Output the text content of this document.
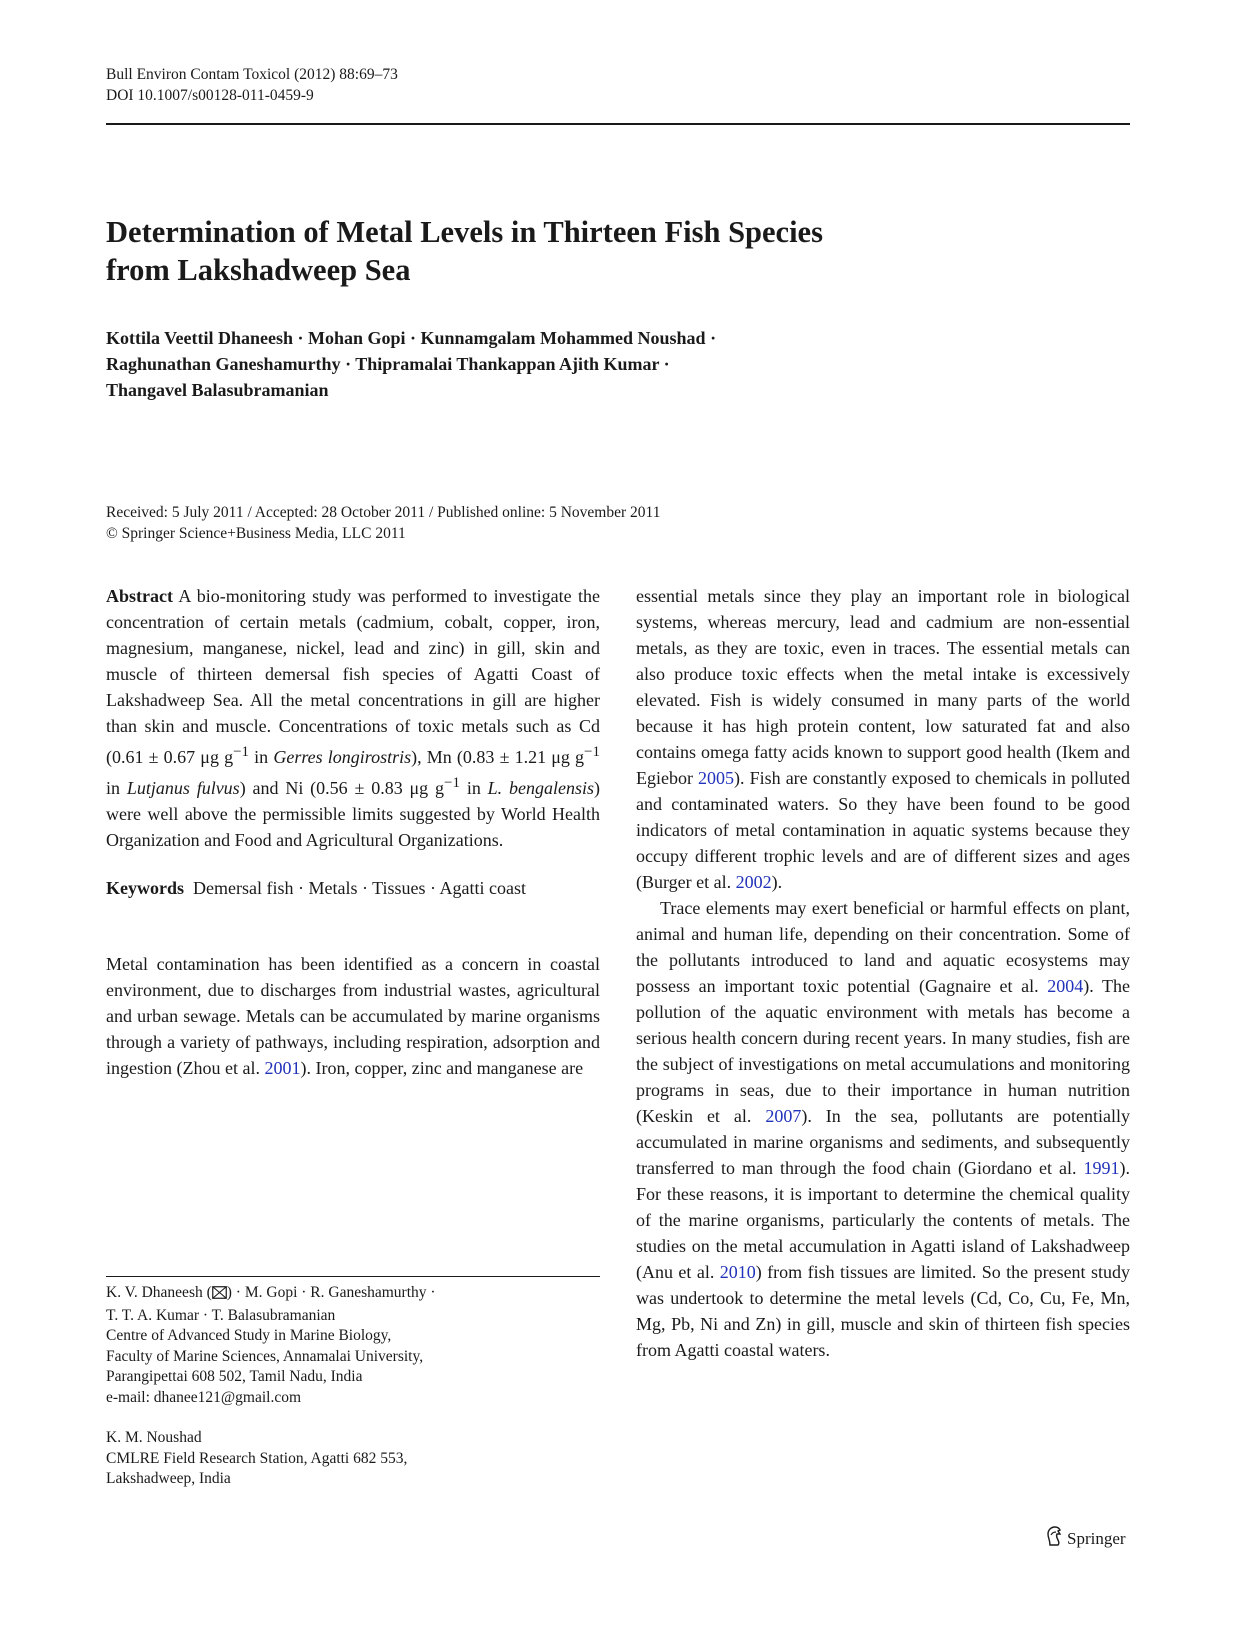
Bull Environ Contam Toxicol (2012) 88:69–73
DOI 10.1007/s00128-011-0459-9
Determination of Metal Levels in Thirteen Fish Species
from Lakshadweep Sea
Kottila Veettil Dhaneesh · Mohan Gopi · Kunnamgalam Mohammed Noushad ·
Raghunathan Ganeshamurthy · Thipramalai Thankappan Ajith Kumar ·
Thangavel Balasubramanian
Received: 5 July 2011 / Accepted: 28 October 2011 / Published online: 5 November 2011
© Springer Science+Business Media, LLC 2011

Abstract A bio-monitoring study was performed to investigate the concentration of certain metals (cadmium, cobalt, copper, iron, magnesium, manganese, nickel, lead and zinc) in gill, skin and muscle of thirteen demersal fish species of Agatti Coast of Lakshadweep Sea. All the metal concentrations in gill are higher than skin and muscle. Concentrations of toxic metals such as Cd (0.61 ± 0.67 μg $g^{-1}$ in Gerres longirostris), Mn (0.83 ± 1.21 μg $g^{-1}$ in Lutjanus fulvus) and Ni (0.56 ± 0.83 μg $g^{-1}$ in L. bengalensis) were well above the permissible limits suggested by World Health Organization and Food and Agricultural Organizations.

Keywords  Demersal fish · Metals · Tissues · Agatti coast

Metal contamination has been identified as a concern in coastal environment, due to discharges from industrial wastes, agricultural and urban sewage. Metals can be accumulated by marine organisms through a variety of pathways, including respiration, adsorption and ingestion (Zhou et al. 2001). Iron, copper, zinc and manganese are

K. V. Dhaneesh ( ) · M. Gopi · R. Ganeshamurthy ·

T. T. A. Kumar · T. Balasubramanian

Centre of Advanced Study in Marine Biology,

Faculty of Marine Sciences, Annamalai University,

Parangipettai 608 502, Tamil Nadu, India

e-mail: dhanee121@gmail.com

K. M. Noushad

CMLRE Field Research Station, Agatti 682 553,

Lakshadweep, India

essential metals since they play an important role in biological systems, whereas mercury, lead and cadmium are non-essential metals, as they are toxic, even in traces. The essential metals can also produce toxic effects when the metal intake is excessively elevated. Fish is widely consumed in many parts of the world because it has high protein content, low saturated fat and also contains omega fatty acids known to support good health (Ikem and Egiebor 2005). Fish are constantly exposed to chemicals in polluted and contaminated waters. So they have been found to be good indicators of metal contamination in aquatic systems because they occupy different trophic levels and are of different sizes and ages (Burger et al. 2002).

Trace elements may exert beneficial or harmful effects on plant, animal and human life, depending on their concentration. Some of the pollutants introduced to land and aquatic ecosystems may possess an important toxic potential (Gagnaire et al. 2004). The pollution of the aquatic environment with metals has become a serious health concern during recent years. In many studies, fish are the subject of investigations on metal accumulations and monitoring programs in seas, due to their importance in human nutrition (Keskin et al. 2007). In the sea, pollutants are potentially accumulated in marine organisms and sediments, and subsequently transferred to man through the food chain (Giordano et al. 1991). For these reasons, it is important to determine the chemical quality of the marine organisms, particularly the contents of metals. The studies on the metal accumulation in Agatti island of Lakshadweep (Anu et al. 2010) from fish tissues are limited. So the present study was undertook to determine the metal levels (Cd, Co, Cu, Fe, Mn, Mg, Pb, Ni and Zn) in gill, muscle and skin of thirteen fish species from Agatti coastal waters.

Springer
